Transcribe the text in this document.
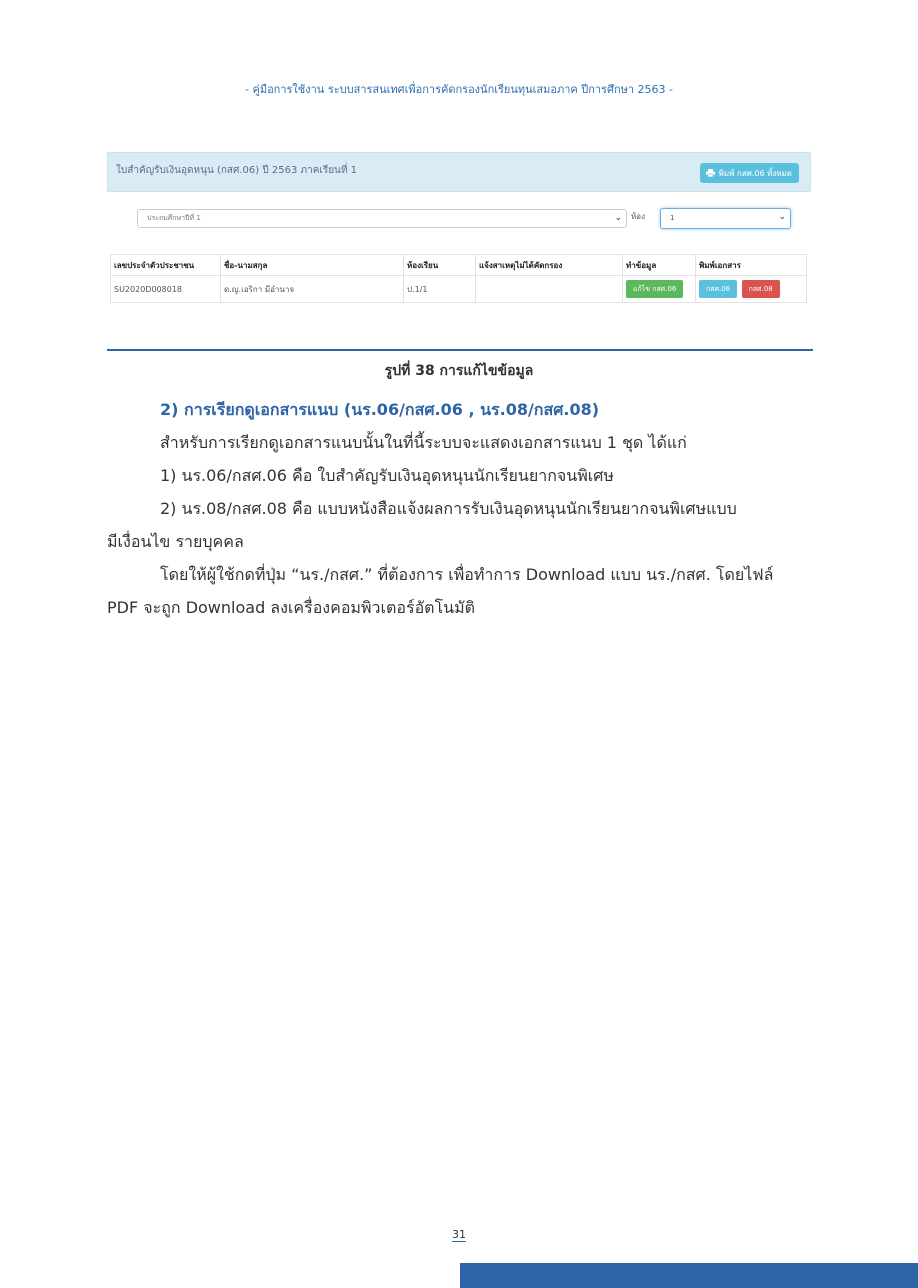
- คู่มือการใช้งาน ระบบสารสนเทศเพื่อการคัดกรองนักเรียนทุนเสมอภาค ปีการศึกษา 2563 -
ใบสำคัญรับเงินอุดหนุน (กสศ.06) ปี 2563 ภาคเรียนที่ 1	พิมพ์ กสศ.06 ทั้งหมด
ประถมศึกษาปีที่ 1	⌄ ห้อง	1	⌄
เลขประจำตัวประชาชน	ชื่อ-นามสกุล	ห้องเรียน	แจ้งสาเหตุไม่ได้คัดกรอง	ทำข้อมูล	พิมพ์เอกสาร
SU2020D008018	ด.ญ.เอริกา มีอำนาจ	ป.1/1		แก้ไข กสศ.06	กสศ.06 กสศ.08
รูปที่ 38 การแก้ไขข้อมูล
2) การเรียกดูเอกสารแนบ (นร.06/กสศ.06 , นร.08/กสศ.08)

สำหรับการเรียกดูเอกสารแนบนั้นในที่นี้ระบบจะแสดงเอกสารแนบ 1 ชุด ได้แก่

1) นร.06/กสศ.06 คือ ใบสำคัญรับเงินอุดหนุนนักเรียนยากจนพิเศษ

2) นร.08/กสศ.08 คือ แบบหนังสือแจ้งผลการรับเงินอุดหนุนนักเรียนยากจนพิเศษแบบ

มีเงื่อนไข รายบุคคล

โดยให้ผู้ใช้กดที่ปุ่ม “นร./กสศ.” ที่ต้องการ เพื่อทำการ Download แบบ นร./กสศ. โดยไฟล์

PDF จะถูก Download ลงเครื่องคอมพิวเตอร์อัตโนมัติ

31
